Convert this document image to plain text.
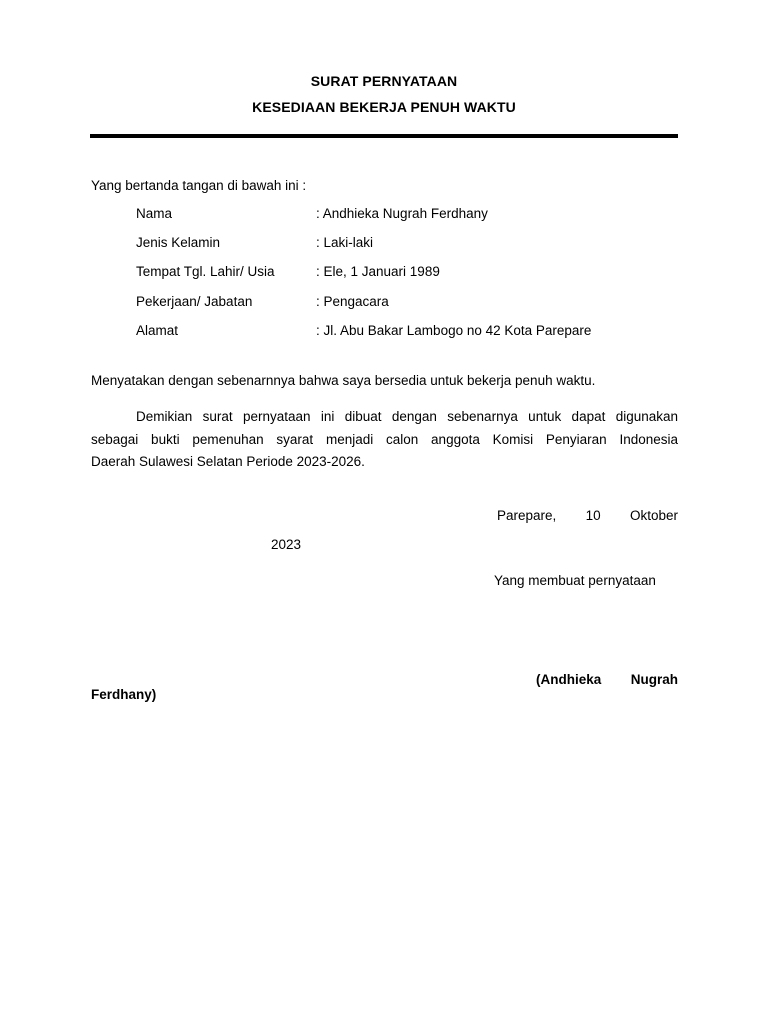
SURAT PERNYATAAN
KESEDIAAN BEKERJA PENUH WAKTU
Yang bertanda tangan di bawah ini :
Nama	: Andhieka Nugrah Ferdhany
Jenis Kelamin	: Laki-laki
Tempat Tgl. Lahir/ Usia	: Ele, 1 Januari 1989
Pekerjaan/ Jabatan	: Pengacara
Alamat	: Jl. Abu Bakar Lambogo no 42 Kota Parepare
Menyatakan dengan sebenarnnya bahwa saya bersedia untuk bekerja penuh waktu.
Demikian surat pernyataan ini dibuat dengan sebenarnya untuk dapat digunakan
sebagai bukti pemenuhan syarat menjadi calon anggota Komisi Penyiaran Indonesia
Daerah Sulawesi Selatan Periode 2023-2026.
Parepare, 10 Oktober
2023
Yang membuat pernyataan
(Andhieka Nugrah
Ferdhany)
